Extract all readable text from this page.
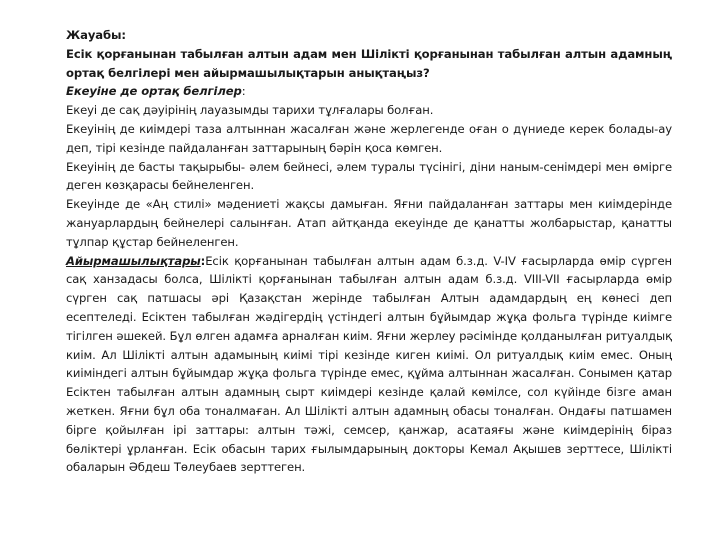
Жауабы:

Есік қорғанынан табылған алтын адам мен Шілікті қорғанынан табылған алтын адамның ортақ белгілері мен айырмашылықтарын анықтаңыз?

Екеуіне де ортақ белгілер:

Екеуі де сақ дәуірінің лауазымды тарихи тұлғалары болған.

Екеуінің де киімдері таза алтыннан жасалған және жерлегенде оған о дүниеде керек болады-ау деп, тірі кезінде пайдаланған заттарының бәрін қоса көмген.

Екеуінің де басты тақырыбы- әлем бейнесі, әлем туралы түсінігі, діни наным-сенімдері мен өмірге деген көзқарасы бейнеленген.

Екеуінде де «Аң стилі» мәдениеті жақсы дамыған. Яғни пайдаланған заттары мен киімдерінде жануарлардың бейнелері салынған. Атап айтқанда екеуінде де қанатты жолбарыстар, қанатты тұлпар құстар бейнеленген.

Айырмашылықтары:Есік қорғанынан табылған алтын адам б.з.д. V-IV ғасырларда өмір сүрген сақ ханзадасы болса, Шілікті қорғанынан табылған алтын адам б.з.д. VIII-VII ғасырларда өмір сүрген сақ патшасы әрі Қазақстан жерінде табылған Алтын адамдардың ең көнесі деп есептеледі. Есіктен табылған жәдігердің үстіндегі алтын бұйымдар жұқа фольга түрінде киімге тігілген әшекей. Бұл өлген адамға арналған киім. Яғни жерлеу рәсімінде қолданылған ритуалдық киім. Ал Шілікті алтын адамының киімі тірі кезінде киген киімі. Ол ритуалдық киім емес. Оның киіміндегі алтын бұйымдар жұқа фольга түрінде емес, құйма алтыннан жасалған. Сонымен қатар Есіктен табылған алтын адамның сырт киімдері кезінде қалай көмілсе, сол күйінде бізге аман жеткен. Яғни бұл оба тоналмаған. Ал Шілікті алтын адамның обасы тоналған. Ондағы патшамен бірге қойылған ірі заттары: алтын тәжі, семсер, қанжар, асатаяғы және киімдерінің біраз бөліктері ұрланған. Есік обасын тарих ғылымдарының докторы Кемал Ақышев зерттесе, Шілікті обаларын Әбдеш Төлеубаев зерттеген.
